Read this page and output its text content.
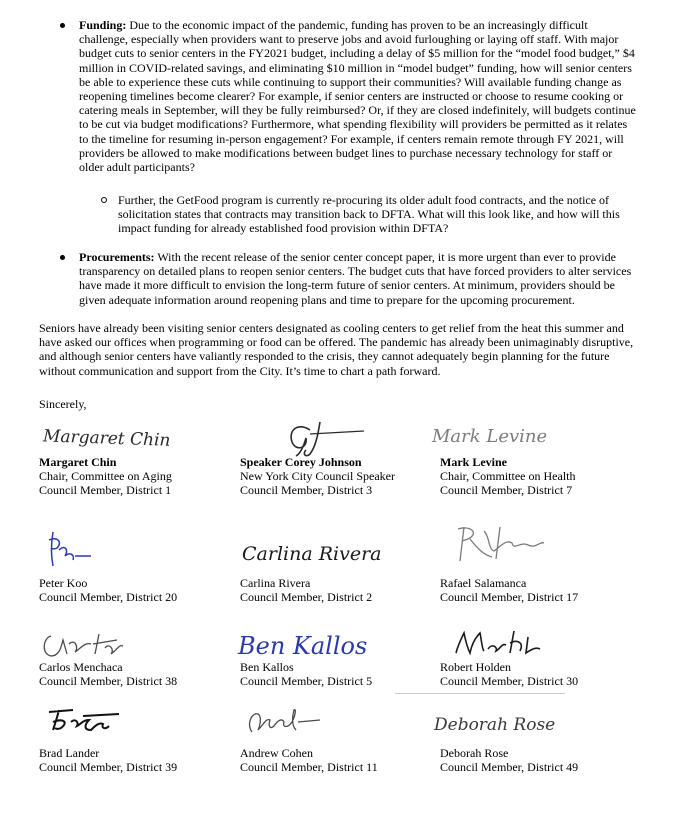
Funding: Due to the economic impact of the pandemic, funding has proven to be an increasingly difficult challenge, especially when providers want to preserve jobs and avoid furloughing or laying off staff. With major budget cuts to senior centers in the FY2021 budget, including a delay of $5 million for the “model food budget,” $4 million in COVID-related savings, and eliminating $10 million in “model budget” funding, how will senior centers be able to experience these cuts while continuing to support their communities? Will available funding change as reopening timelines become clearer? For example, if senior centers are instructed or choose to resume cooking or catering meals in September, will they be fully reimbursed? Or, if they are closed indefinitely, will budgets continue to be cut via budget modifications? Furthermore, what spending flexibility will providers be permitted as it relates to the timeline for resuming in-person engagement? For example, if centers remain remote through FY 2021, will providers be allowed to make modifications between budget lines to purchase necessary technology for staff or older adult participants?

Further, the GetFood program is currently re-procuring its older adult food contracts, and the notice of solicitation states that contracts may transition back to DFTA. What will this look like, and how will this impact funding for already established food provision within DFTA?

Procurements: With the recent release of the senior center concept paper, it is more urgent than ever to provide transparency on detailed plans to reopen senior centers. The budget cuts that have forced providers to alter services have made it more difficult to envision the long-term future of senior centers. At minimum, providers should be given adequate information around reopening plans and time to prepare for the upcoming procurement.

Seniors have already been visiting senior centers designated as cooling centers to get relief from the heat this summer and have asked our offices when programming or food can be offered. The pandemic has already been unimaginably disruptive, and although senior centers have valiantly responded to the crisis, they cannot adequately begin planning for the future without communication and support from the City. It’s time to chart a path forward.

Sincerely,
Margaret Chin	Mark Levine
Margaret Chin
Chair, Committee on Aging
Council Member, District 1
Speaker Corey Johnson
New York City Council Speaker
Council Member, District 3
Mark Levine
Chair, Committee on Health
Council Member, District 7
Carlina Rivera
Peter Koo
Council Member, District 20
Carlina Rivera
Council Member, District 2
Rafael Salamanca
Council Member, District 17
Ben Kallos
Carlos Menchaca
Council Member, District 38
Ben Kallos
Council Member, District 5
Robert Holden
Council Member, District 30
Deborah Rose
Brad Lander
Council Member, District 39
Andrew Cohen
Council Member, District 11
Deborah Rose
Council Member, District 49
